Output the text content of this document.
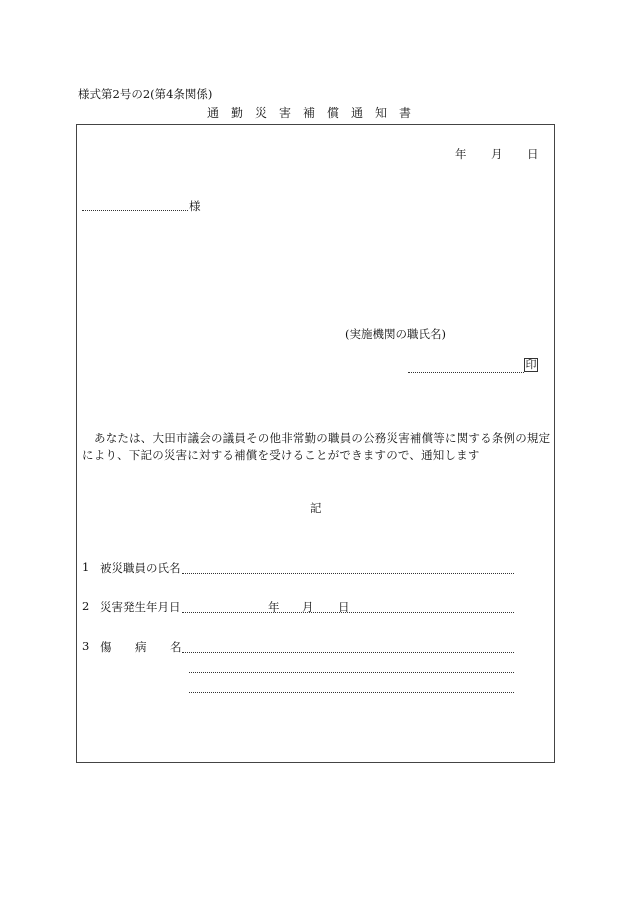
様式第2号の2(第4条関係)
通勤災害補償通知書
年 月 日
様
(実施機関の職氏名)
印
あなたは、大田市議会の議員その他非常勤の職員の公務災害補償等に関する条例の規定により、下記の災害に対する補償を受けることができますので、通知します
記
1 被災職員の氏名
2 災害発生年月日	年 月 日
3 傷 病 名
